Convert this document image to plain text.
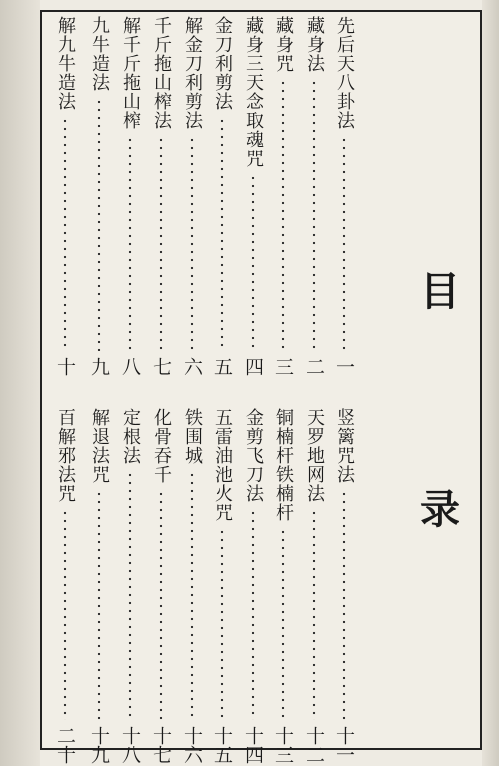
目
录
先后天八卦法
一
藏身法
二
藏身咒
三
藏身三天念取魂咒
四
金刀利剪法
五
解金刀利剪法
六
千斤拖山榨法
七
解千斤拖山榨
八
九牛造法
九
解九牛造法
十
竖篱咒法
十一
天罗地网法
十二
铜楠杆铁楠杆
十三
金剪飞刀法
十四
五雷油池火咒
十五
铁围城
十六
化骨吞千
十七
定根法
十八
解退法咒
十九
百解邪法咒
二十
